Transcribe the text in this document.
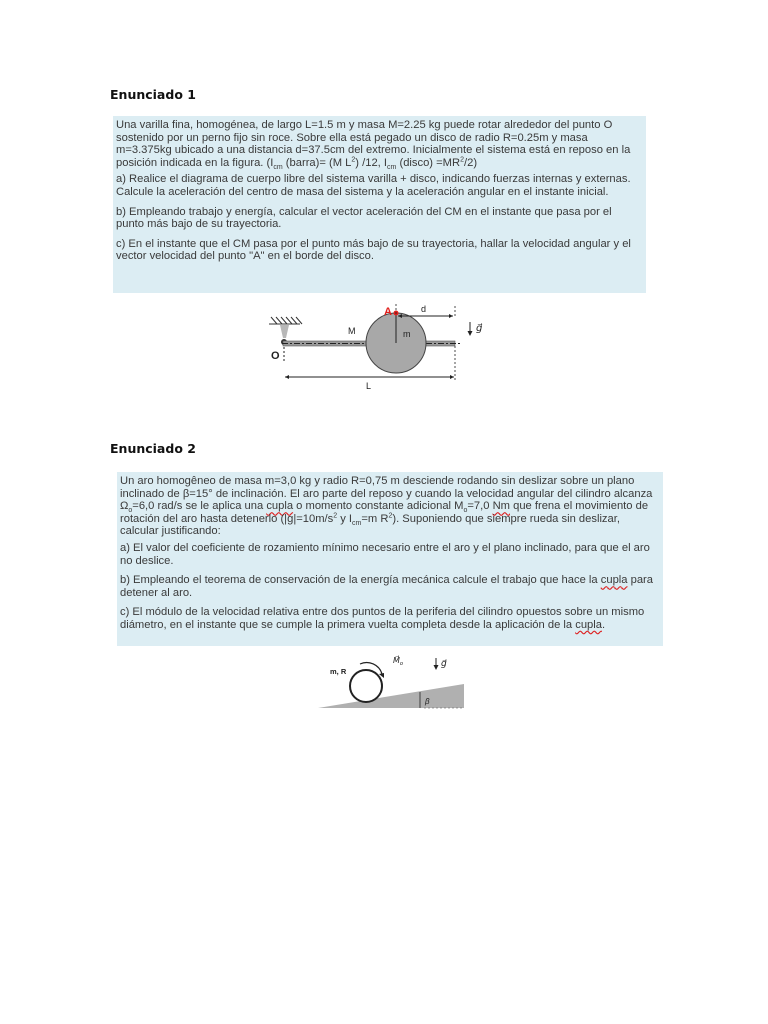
Enunciado 1

Una varilla fina, homogénea, de largo L=1.5 m y masa M=2.25 kg puede rotar alrededor del punto O sostenido por un perno fijo sin roce. Sobre ella está pegado un disco de radio R=0.25m y masa m=3.375kg ubicado a una distancia d=37.5cm del extremo. Inicialmente el sistema está en reposo en la posición indicada en la figura. ($I_{cm}$ (barra)= (M $L^2$) /12, $I_{cm}$ (disco) $=MR^2/2$)

a) Realice el diagrama de cuerpo libre del sistema varilla + disco, indicando fuerzas internas y externas. Calcule la aceleración del centro de masa del sistema y la aceleración angular en el instante inicial.

b) Empleando trabajo y energía, calcular el vector aceleración del CM en el instante que pasa por el punto más bajo de su trayectoria.

c) En el instante que el CM pasa por el punto más bajo de su trayectoria, hallar la velocidad angular y el vector velocidad del punto "A" en el borde del disco.

O
A
m
M
d
L
g⃗
Enunciado 2

Un aro homogêneo de masa m=3,0 kg y radio R=0,75 m desciende rodando sin deslizar sobre un plano inclinado de β=15° de inclinación. El aro parte del reposo y cuando la velocidad angular del cilindro alcanza $\Omega_o=6,0$ rad/s se le aplica una cupla o momento constante adicional $M_o=7,0$ Nm que frena el movimiento de rotación del aro hasta detenerlo ($|g|=10m/s^2$ y $I_{cm}=m$ $R^2$). Suponiendo que siempre rueda sin deslizar, calcular justificando:

a) El valor del coeficiente de rozamiento mínimo necesario entre el aro y el plano inclinado, para que el aro no deslice.

b) Empleando el teorema de conservación de la energía mecánica calcule el trabajo que hace la cupla para detener al aro.

c) El módulo de la velocidad relativa entre dos puntos de la periferia del cilindro opuestos sobre un mismo diámetro, en el instante que se cumple la primera vuelta completa desde la aplicación de la cupla.

m, R
$M⃗_o$	g⃗
β
